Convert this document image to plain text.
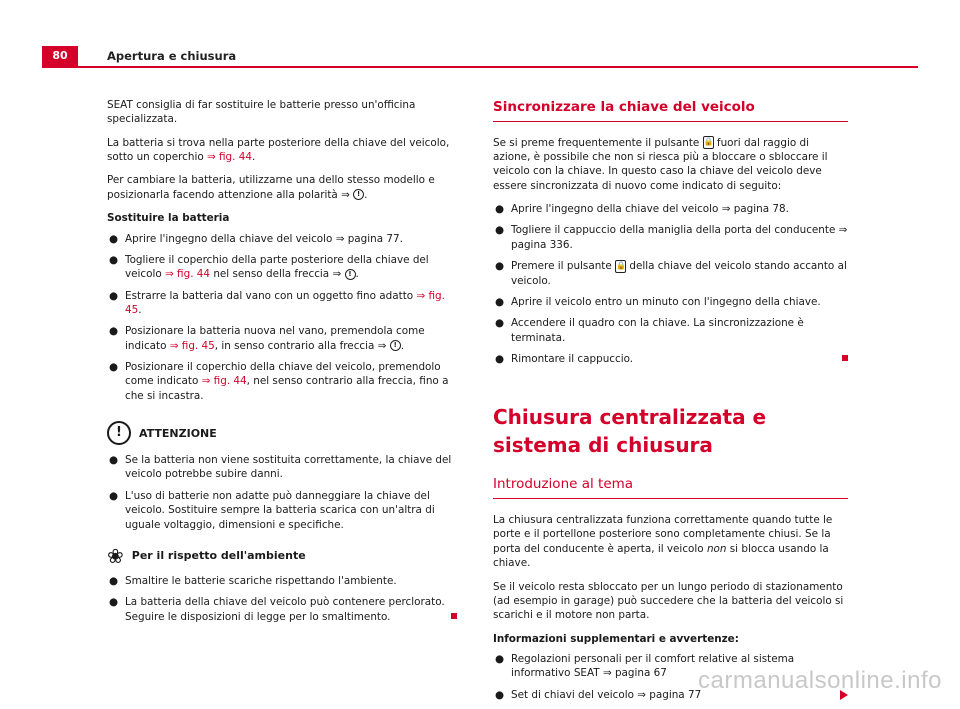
80	Apertura e chiusura

SEAT consiglia di far sostituire le batterie presso un'officina specializzata.

La batteria si trova nella parte posteriore della chiave del veicolo, sotto un coperchio ⇒ fig. 44.

Per cambiare la batteria, utilizzarne una dello stesso modello e posizionarla facendo attenzione alla polarità ⇒ ! .

Sostituire la batteria

● Aprire l'ingegno della chiave del veicolo ⇒ pagina 77.
● Togliere il coperchio della parte posteriore della chiave del veicolo ⇒ fig. 44 nel senso della freccia ⇒ ! .
● Estrarre la batteria dal vano con un oggetto fino adatto ⇒ fig. 45.
● Posizionare la batteria nuova nel vano, premendola come indicato ⇒ fig. 45, in senso contrario alla freccia ⇒ ! .
● Posizionare il coperchio della chiave del veicolo, premendolo come indicato ⇒ fig. 44, nel senso contrario alla freccia, fino a che si incastra.
!	ATTENZIONE
● Se la batteria non viene sostituita correttamente, la chiave del veicolo potrebbe subire danni.
● L'uso di batterie non adatte può danneggiare la chiave del veicolo. Sostituire sempre la batteria scarica con un'altra di uguale voltaggio, dimensioni e specifiche.
❀ Per il rispetto dell'ambiente
● Smaltire le batterie scariche rispettando l'ambiente.
● La batteria della chiave del veicolo può contenere perclorato. Seguire le disposizioni di legge per lo smaltimento.
Sincronizzare la chiave del veicolo

Se si preme frequentemente il pulsante 🔒 fuori dal raggio di azione, è possibile che non si riesca più a bloccare o sbloccare il veicolo con la chiave. In questo caso la chiave del veicolo deve essere sincronizzata di nuovo come indicato di seguito:

● Aprire l'ingegno della chiave del veicolo ⇒ pagina 78.
● Togliere il cappuccio della maniglia della porta del conducente ⇒ pagina 336.
● Premere il pulsante 🔒 della chiave del veicolo stando accanto al veicolo.
● Aprire il veicolo entro un minuto con l'ingegno della chiave.
● Accendere il quadro con la chiave. La sincronizzazione è terminata.
● Rimontare il cappuccio.
Chiusura centralizzata e sistema di chiusura
Introduzione al tema

La chiusura centralizzata funziona correttamente quando tutte le porte e il portellone posteriore sono completamente chiusi. Se la porta del conducente è aperta, il veicolo non si blocca usando la chiave.

Se il veicolo resta sbloccato per un lungo periodo di stazionamento (ad esempio in garage) può succedere che la batteria del veicolo si scarichi e il motore non parta.

Informazioni supplementari e avvertenze:

● Regolazioni personali per il comfort relative al sistema informativo SEAT ⇒ pagina 67
● Set di chiavi del veicolo ⇒ pagina 77
carmanualsonline.info
